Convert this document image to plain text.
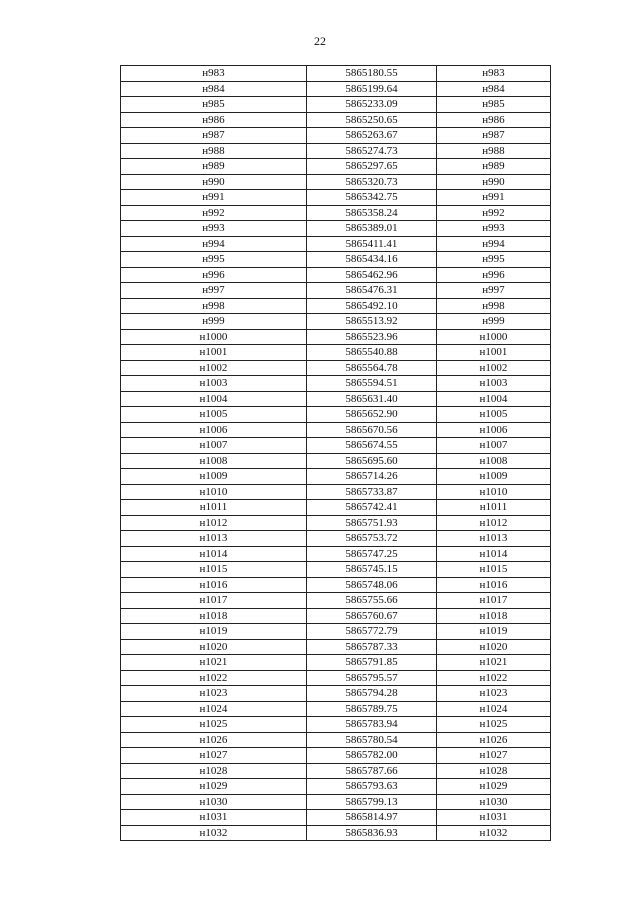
22
н983	5865180.55	н983
н984	5865199.64	н984
н985	5865233.09	н985
н986	5865250.65	н986
н987	5865263.67	н987
н988	5865274.73	н988
н989	5865297.65	н989
н990	5865320.73	н990
н991	5865342.75	н991
н992	5865358.24	н992
н993	5865389.01	н993
н994	5865411.41	н994
н995	5865434.16	н995
н996	5865462.96	н996
н997	5865476.31	н997
н998	5865492.10	н998
н999	5865513.92	н999
н1000	5865523.96	н1000
н1001	5865540.88	н1001
н1002	5865564.78	н1002
н1003	5865594.51	н1003
н1004	5865631.40	н1004
н1005	5865652.90	н1005
н1006	5865670.56	н1006
н1007	5865674.55	н1007
н1008	5865695.60	н1008
н1009	5865714.26	н1009
н1010	5865733.87	н1010
н1011	5865742.41	н1011
н1012	5865751.93	н1012
н1013	5865753.72	н1013
н1014	5865747.25	н1014
н1015	5865745.15	н1015
н1016	5865748.06	н1016
н1017	5865755.66	н1017
н1018	5865760.67	н1018
н1019	5865772.79	н1019
н1020	5865787.33	н1020
н1021	5865791.85	н1021
н1022	5865795.57	н1022
н1023	5865794.28	н1023
н1024	5865789.75	н1024
н1025	5865783.94	н1025
н1026	5865780.54	н1026
н1027	5865782.00	н1027
н1028	5865787.66	н1028
н1029	5865793.63	н1029
н1030	5865799.13	н1030
н1031	5865814.97	н1031
н1032	5865836.93	н1032
